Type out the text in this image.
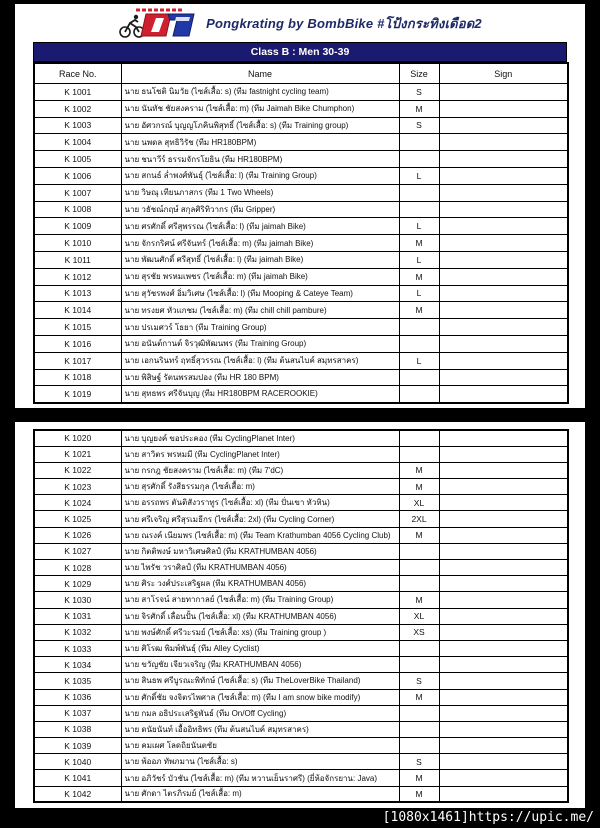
Pongkrating by BombBike #โป้งกระทิงเดือด2
Class B : Men 30-39
Race No.	Name	Size	Sign
K 1001	นาย ธนโชติ นิมวัย (ไซส์เสื้อ: s) (ทีม fastnight cycling team)	S	
K 1002	นาย นันทัช ชัยสงคราม (ไซส์เสื้อ: m) (ทีม Jaimah Bike Chumphon)	M	
K 1003	นาย อัศวกรณ์ บุญญโภคินพิสุทธิ์ (ไซส์เสื้อ: s) (ทีม Training group)	S	
K 1004	นาย นพดล สุทธิวิรัช (ทีม HR180BPM)		
K 1005	นาย ชนาวีร์ ธรรมจักรโยธิน (ทีม HR180BPM)		
K 1006	นาย สกนธ์ ล่ำพงศ์พันธุ์ (ไซส์เสื้อ: l) (ทีม Training Group)	L	
K 1007	นาย วิษณุ เทียนภาสกร (ทีม 1 Two Wheels)		
K 1008	นาย วธัชณ์กฤษ์ สกุลศิริทิวากร (ทีม Gripper)		
K 1009	นาย ศรศักดิ์ ศรีสุพรรณ (ไซส์เสื้อ: l) (ทีม jaimah Bike)	L	
K 1010	นาย จักรกริศน์ ศรีจันทร์ (ไซส์เสื้อ: m) (ทีม jaimah Bike)	M	
K 1011	นาย พัฒนศักดิ์ ศรีสุทธิ์ (ไซส์เสื้อ: l) (ทีม jaimah Bike)	L	
K 1012	นาย สุรชัย พรหมเพชร (ไซส์เสื้อ: m) (ทีม jaimah Bike)	M	
K 1013	นาย สุวัชรพงศ์ อิ่มวิเศษ (ไซส์เสื้อ: l) (ทีม Mooping & Cateye Team)	L	
K 1014	นาย ทรงยศ หัวแกชม (ไซส์เสื้อ: m) (ทีม chill chill pambure)	M	
K 1015	นาย ปรเมศวร์ โธยา (ทีม Training Group)		
K 1016	นาย อนันต์กานต์ จิรวุฒิพัฒนพร (ทีม Training Group)		
K 1017	นาย เอกนรินทร์ ฤทธิ์สุวรรณ (ไซส์เสื้อ: l) (ทีม ต้นสนไบค์ สมุทรสาคร)	L	
K 1018	นาย พิสิษฐ์ รัตนพรสมปอง (ทีม HR 180 BPM)		
K 1019	นาย สุทธพร ศรีจันบุญ (ทีม HR180BPM RACEROOKIE)		
K 1020	นาย บุญยงค์ ขอประคอง (ทีม CyclingPlanet Inter)		
K 1021	นาย สาวิตร พรหมมี (ทีม CyclingPlanet Inter)		
K 1022	นาย กรกฎ ชัยสงคราม (ไซส์เสื้อ: m) (ทีม 7'dC)	M	
K 1023	นาย สุรศักดิ์ รังสีธรรมกุล (ไซส์เสื้อ: m)	M	
K 1024	นาย อรรถพร ตันติสังวราทูร (ไซส์เสื้อ: xl) (ทีม ปั่นเขา หัวหิน)	XL	
K 1025	นาย ศรีเจริญ ศรีสุรเมธีกร (ไซส์เสื้อ: 2xl) (ทีม Cycling Corner)	2XL	
K 1026	นาย ณรงค์ เนียมพร (ไซส์เสื้อ: m) (ทีม Team Krathumban 4056 Cycling Club)	M	
K 1027	นาย กิตติพงษ์ มหาวิเศษศิลป์ (ทีม KRATHUMBAN 4056)		
K 1028	นาย ไพรัช วราศิลป์ (ทีม KRATHUMBAN 4056)		
K 1029	นาย ศิระ วงศ์ประเสริฐผล (ทีม KRATHUMBAN 4056)		
K 1030	นาย สาโรจน์ สายทากาลย์ (ไซส์เสื้อ: m) (ทีม Training Group)	M	
K 1031	นาย จิรศักดิ์ เลื่อนปั้น (ไซส์เสื้อ: xl) (ทีม KRATHUMBAN 4056)	XL	
K 1032	นาย พงษ์ศักดิ์ ศรีวะรมย์ (ไซส์เสื้อ: xs) (ทีม Training group )	XS	
K 1033	นาย ศิโรฒ พิมพ์พันธุ์ (ทีม Alley Cyclist)		
K 1034	นาย ขวัญชัย เจียวเจริญ (ทีม KRATHUMBAN 4056)		
K 1035	นาย สินธพ ศรีบูรณะพิทักษ์ (ไซส์เสื้อ: s) (ทีม TheLoverBike Thailand)	S	
K 1036	นาย ศักดิ์ชัย จงจิตรไพศาล (ไซส์เสื้อ: m) (ทีม I am snow bike modify)	M	
K 1037	นาย กมล อธิประเสริฐพันธ์ (ทีม On/Off Cycling)		
K 1038	นาย ดนัยนันท์ เอื้ออิทธิพร (ทีม ต้นสนไบค์ สมุทรสาคร)		
K 1039	นาย คมเผศ โลดถิยนันตชัย		
K 1040	นาย พ้ออภ ทัพภมาน (ไซส์เสื้อ: s)	S	
K 1041	นาย อภิวัชร์ บัวชัน (ไซส์เสื้อ: m) (ทีม หวานเย็นราศรี) (ยี่ห้อจักรยาน: Java)	M	
K 1042	นาย ศักดา ไตรภิรมย์ (ไซส์เสื้อ: m)	M	
[1080x1461]https://upic.me/
